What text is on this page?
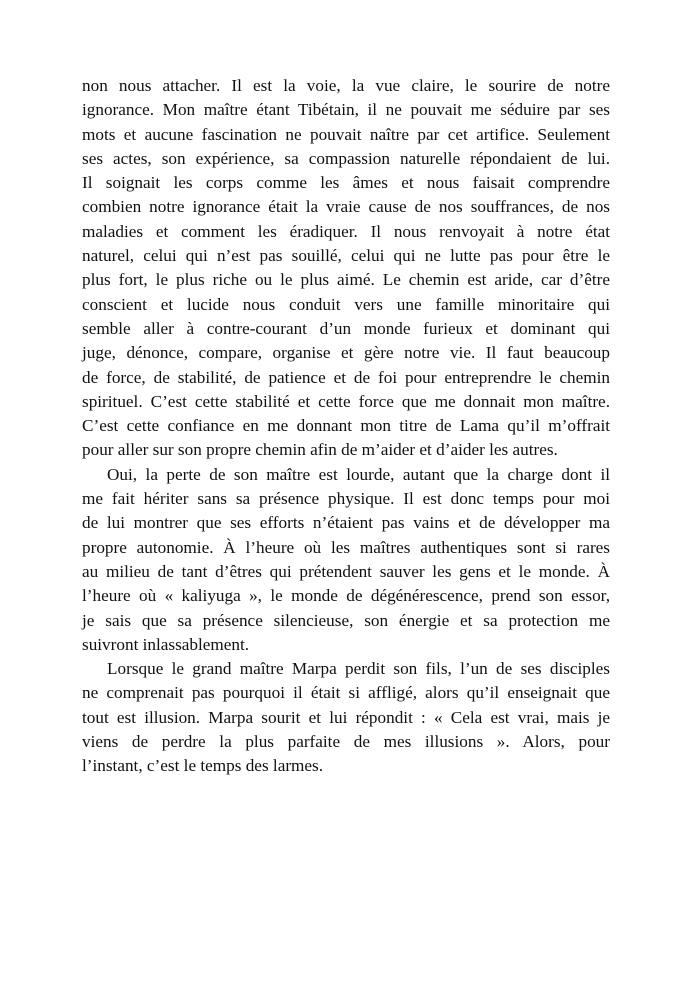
non nous attacher. Il est la voie, la vue claire, le sourire de notre
ignorance. Mon maître étant Tibétain, il ne pouvait me séduire par ses
mots et aucune fascination ne pouvait naître par cet artifice. Seulement
ses actes, son expérience, sa compassion naturelle répondaient de lui.
Il soignait les corps comme les âmes et nous faisait comprendre
combien notre ignorance était la vraie cause de nos souffrances, de nos
maladies et comment les éradiquer. Il nous renvoyait à notre état
naturel, celui qui n’est pas souillé, celui qui ne lutte pas pour être le
plus fort, le plus riche ou le plus aimé. Le chemin est aride, car d’être
conscient et lucide nous conduit vers une famille minoritaire qui
semble aller à contre-courant d’un monde furieux et dominant qui
juge, dénonce, compare, organise et gère notre vie. Il faut beaucoup
de force, de stabilité, de patience et de foi pour entreprendre le chemin
spirituel. C’est cette stabilité et cette force que me donnait mon maître.
C’est cette confiance en me donnant mon titre de Lama qu’il m’offrait
pour aller sur son propre chemin afin de m’aider et d’aider les autres.
Oui, la perte de son maître est lourde, autant que la charge dont il
me fait hériter sans sa présence physique. Il est donc temps pour moi
de lui montrer que ses efforts n’étaient pas vains et de développer ma
propre autonomie. À l’heure où les maîtres authentiques sont si rares
au milieu de tant d’êtres qui prétendent sauver les gens et le monde. À
l’heure où « kaliyuga », le monde de dégénérescence, prend son essor,
je sais que sa présence silencieuse, son énergie et sa protection me
suivront inlassablement.
Lorsque le grand maître Marpa perdit son fils, l’un de ses disciples
ne comprenait pas pourquoi il était si affligé, alors qu’il enseignait que
tout est illusion. Marpa sourit et lui répondit : « Cela est vrai, mais je
viens de perdre la plus parfaite de mes illusions ». Alors, pour
l’instant, c’est le temps des larmes.
